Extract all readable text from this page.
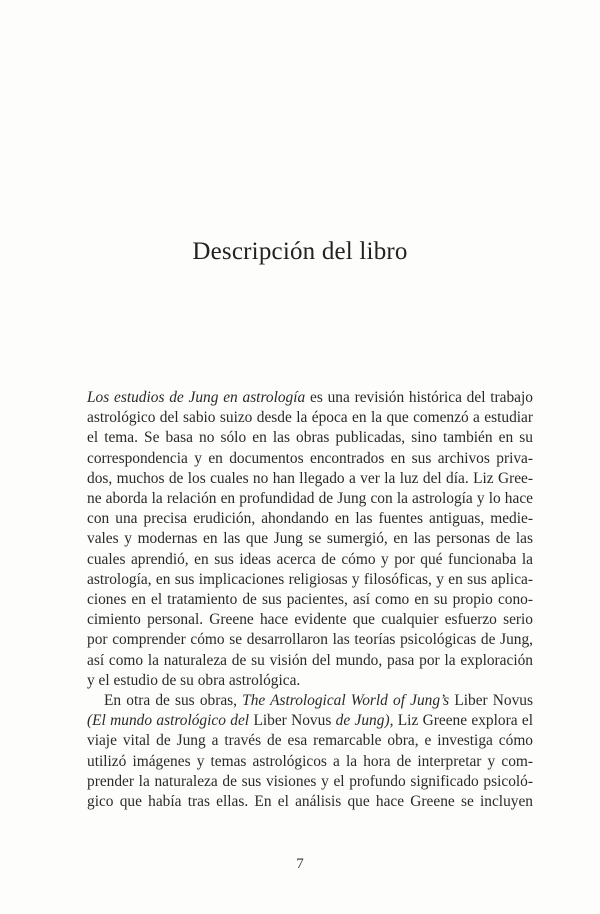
Descripción del libro
Los estudios de Jung en astrología es una revisión histórica del trabajo
astrológico del sabio suizo desde la época en la que comenzó a estudiar
el tema. Se basa no sólo en las obras publicadas, sino también en su
correspondencia y en documentos encontrados en sus archivos priva-
dos, muchos de los cuales no han llegado a ver la luz del día. Liz Gree-
ne aborda la relación en profundidad de Jung con la astrología y lo hace
con una precisa erudición, ahondando en las fuentes antiguas, medie-
vales y modernas en las que Jung se sumergió, en las personas de las
cuales aprendió, en sus ideas acerca de cómo y por qué funcionaba la
astrología, en sus implicaciones religiosas y filosóficas, y en sus aplica-
ciones en el tratamiento de sus pacientes, así como en su propio cono-
cimiento personal. Greene hace evidente que cualquier esfuerzo serio
por comprender cómo se desarrollaron las teorías psicológicas de Jung,
así como la naturaleza de su visión del mundo, pasa por la exploración
y el estudio de su obra astrológica.
En otra de sus obras, The Astrological World of Jung’s Liber Novus
(El mundo astrológico del Liber Novus de Jung), Liz Greene explora el
viaje vital de Jung a través de esa remarcable obra, e investiga cómo
utilizó imágenes y temas astrológicos a la hora de interpretar y com-
prender la naturaleza de sus visiones y el profundo significado psicoló-
gico que había tras ellas. En el análisis que hace Greene se incluyen
7
